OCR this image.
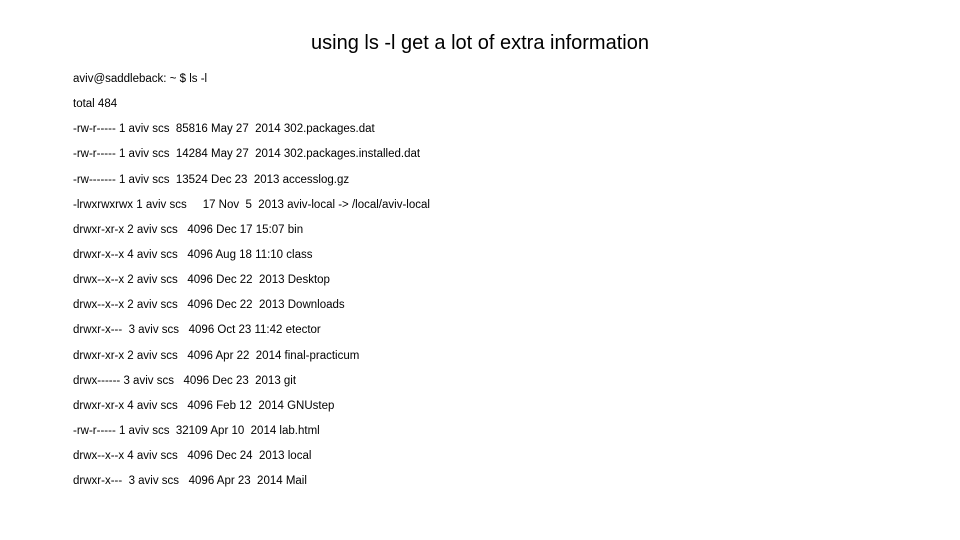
using ls -l get a lot of extra information
aviv@saddleback: ~ $ ls -l
total 484
-rw-r----- 1 aviv scs  85816 May 27  2014 302.packages.dat
-rw-r----- 1 aviv scs  14284 May 27  2014 302.packages.installed.dat
-rw------- 1 aviv scs  13524 Dec 23  2013 accesslog.gz
-lrwxrwxrwx 1 aviv scs     17 Nov  5  2013 aviv-local -> /local/aviv-local
drwxr-xr-x 2 aviv scs   4096 Dec 17 15:07 bin
drwxr-x--x 4 aviv scs   4096 Aug 18 11:10 class
drwx--x--x 2 aviv scs   4096 Dec 22  2013 Desktop
drwx--x--x 2 aviv scs   4096 Dec 22  2013 Downloads
drwxr-x---  3 aviv scs   4096 Oct 23 11:42 etector
drwxr-xr-x 2 aviv scs   4096 Apr 22  2014 final-practicum
drwx------ 3 aviv scs   4096 Dec 23  2013 git
drwxr-xr-x 4 aviv scs   4096 Feb 12  2014 GNUstep
-rw-r----- 1 aviv scs  32109 Apr 10  2014 lab.html
drwx--x--x 4 aviv scs   4096 Dec 24  2013 local
drwxr-x---  3 aviv scs   4096 Apr 23  2014 Mail
